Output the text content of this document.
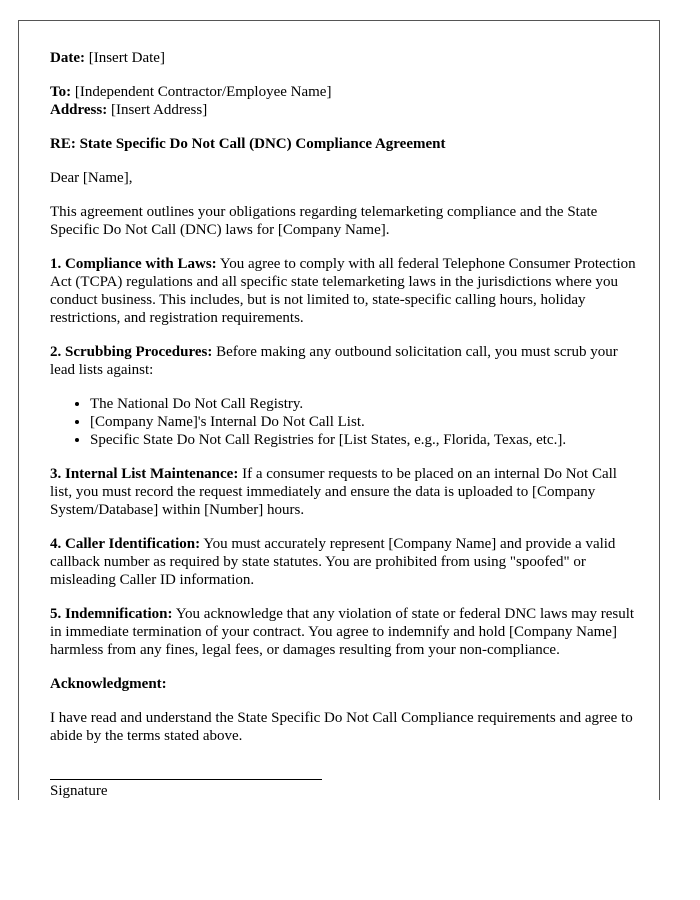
Date: [Insert Date]

To: [Independent Contractor/Employee Name]
Address: [Insert Address]

RE: State Specific Do Not Call (DNC) Compliance Agreement

Dear [Name],

This agreement outlines your obligations regarding telemarketing compliance and the State Specific Do Not Call (DNC) laws for [Company Name].

1. Compliance with Laws: You agree to comply with all federal Telephone Consumer Protection Act (TCPA) regulations and all specific state telemarketing laws in the jurisdictions where you conduct business. This includes, but is not limited to, state-specific calling hours, holiday restrictions, and registration requirements.

2. Scrubbing Procedures: Before making any outbound solicitation call, you must scrub your lead lists against:

• The National Do Not Call Registry.
• [Company Name]'s Internal Do Not Call List.
• Specific State Do Not Call Registries for [List States, e.g., Florida, Texas, etc.].

3. Internal List Maintenance: If a consumer requests to be placed on an internal Do Not Call list, you must record the request immediately and ensure the data is uploaded to [Company System/Database] within [Number] hours.

4. Caller Identification: You must accurately represent [Company Name] and provide a valid callback number as required by state statutes. You are prohibited from using "spoofed" or misleading Caller ID information.

5. Indemnification: You acknowledge that any violation of state or federal DNC laws may result in immediate termination of your contract. You agree to indemnify and hold [Company Name] harmless from any fines, legal fees, or damages resulting from your non-compliance.

Acknowledgment:

I have read and understand the State Specific Do Not Call Compliance requirements and agree to abide by the terms stated above.

Signature
